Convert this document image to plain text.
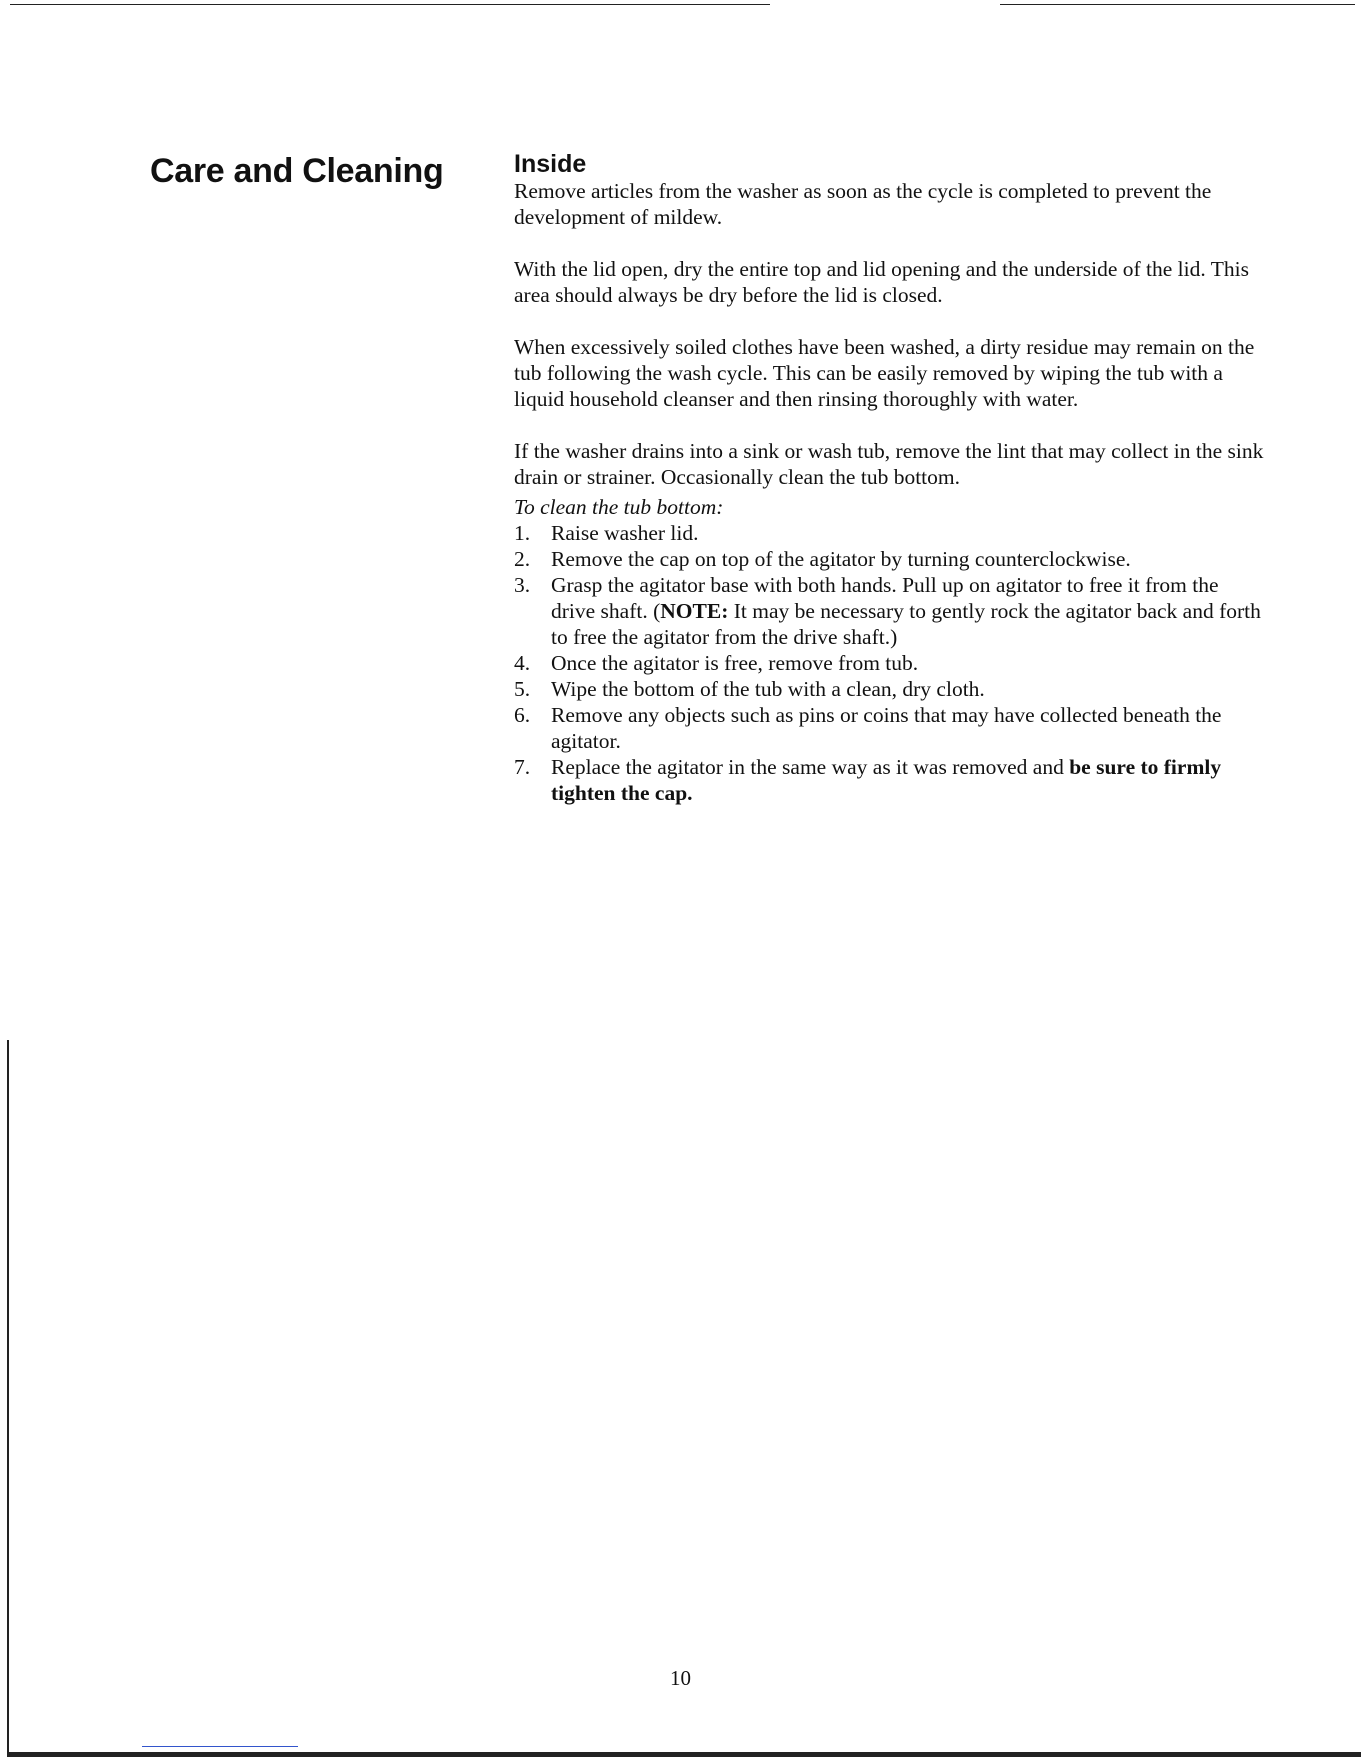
Care and Cleaning	Inside

Remove articles from the washer as soon as the cycle is completed to prevent the development of mildew.

With the lid open, dry the entire top and lid opening and the underside of the lid. This area should always be dry before the lid is closed.

When excessively soiled clothes have been washed, a dirty residue may remain on the tub following the wash cycle. This can be easily removed by wiping the tub with a liquid household cleanser and then rinsing thoroughly with water.

If the washer drains into a sink or wash tub, remove the lint that may collect in the sink drain or strainer. Occasionally clean the tub bottom.

To clean the tub bottom:
1. Raise washer lid.
2. Remove the cap on top of the agitator by turning counterclockwise.
3. Grasp the agitator base with both hands. Pull up on agitator to free it from the drive shaft. (NOTE: It may be necessary to gently rock the agitator back and forth to free the agitator from the drive shaft.)
4. Once the agitator is free, remove from tub.
5. Wipe the bottom of the tub with a clean, dry cloth.
6. Remove any objects such as pins or coins that may have collected beneath the agitator.
7. Replace the agitator in the same way as it was removed and be sure to firmly tighten the cap.
10
